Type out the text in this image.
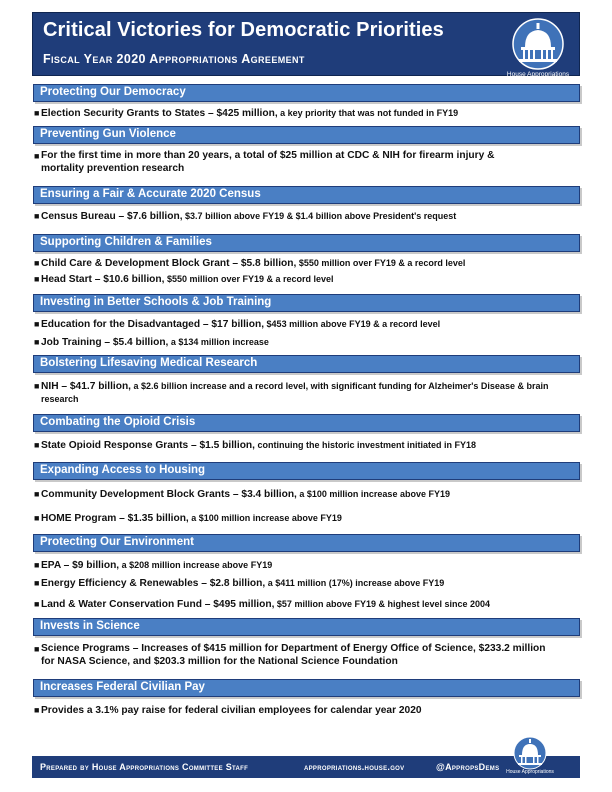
Critical Victories for Democratic Priorities
Fiscal Year 2020 Appropriations Agreement
House Appropriations
Protecting Our Democracy
■ Election Security Grants to States – $425 million, a key priority that was not funded in FY19
Preventing Gun Violence
■ For the first time in more than 20 years, a total of $25 million at CDC & NIH for firearm injury & mortality prevention research
Ensuring a Fair & Accurate 2020 Census
■ Census Bureau – $7.6 billion, $3.7 billion above FY19 & $1.4 billion above President's request
Supporting Children & Families
■ Child Care & Development Block Grant – $5.8 billion, $550 million over FY19 & a record level
■ Head Start – $10.6 billion, $550 million over FY19 & a record level
Investing in Better Schools & Job Training
■ Education for the Disadvantaged – $17 billion, $453 million above FY19 & a record level
■ Job Training – $5.4 billion, a $134 million increase
Bolstering Lifesaving Medical Research
■ NIH – $41.7 billion, a $2.6 billion increase and a record level, with significant funding for Alzheimer's Disease & brain research
Combating the Opioid Crisis
■ State Opioid Response Grants – $1.5 billion, continuing the historic investment initiated in FY18
Expanding Access to Housing
■ Community Development Block Grants – $3.4 billion, a $100 million increase above FY19
■ HOME Program – $1.35 billion, a $100 million increase above FY19
Protecting Our Environment
■ EPA – $9 billion, a $208 million increase above FY19
■ Energy Efficiency & Renewables – $2.8 billion, a $411 million (17%) increase above FY19
■ Land & Water Conservation Fund – $495 million, $57 million above FY19 & highest level since 2004
Invests in Science
■ Science Programs – Increases of $415 million for Department of Energy Office of Science, $233.2 million for NASA Science, and $203.3 million for the National Science Foundation
Increases Federal Civilian Pay
■ Provides a 3.1% pay raise for federal civilian employees for calendar year 2020
Prepared by House Appropriations Committee Staff	appropriations.house.gov	@AppropsDems	House Appropriations
